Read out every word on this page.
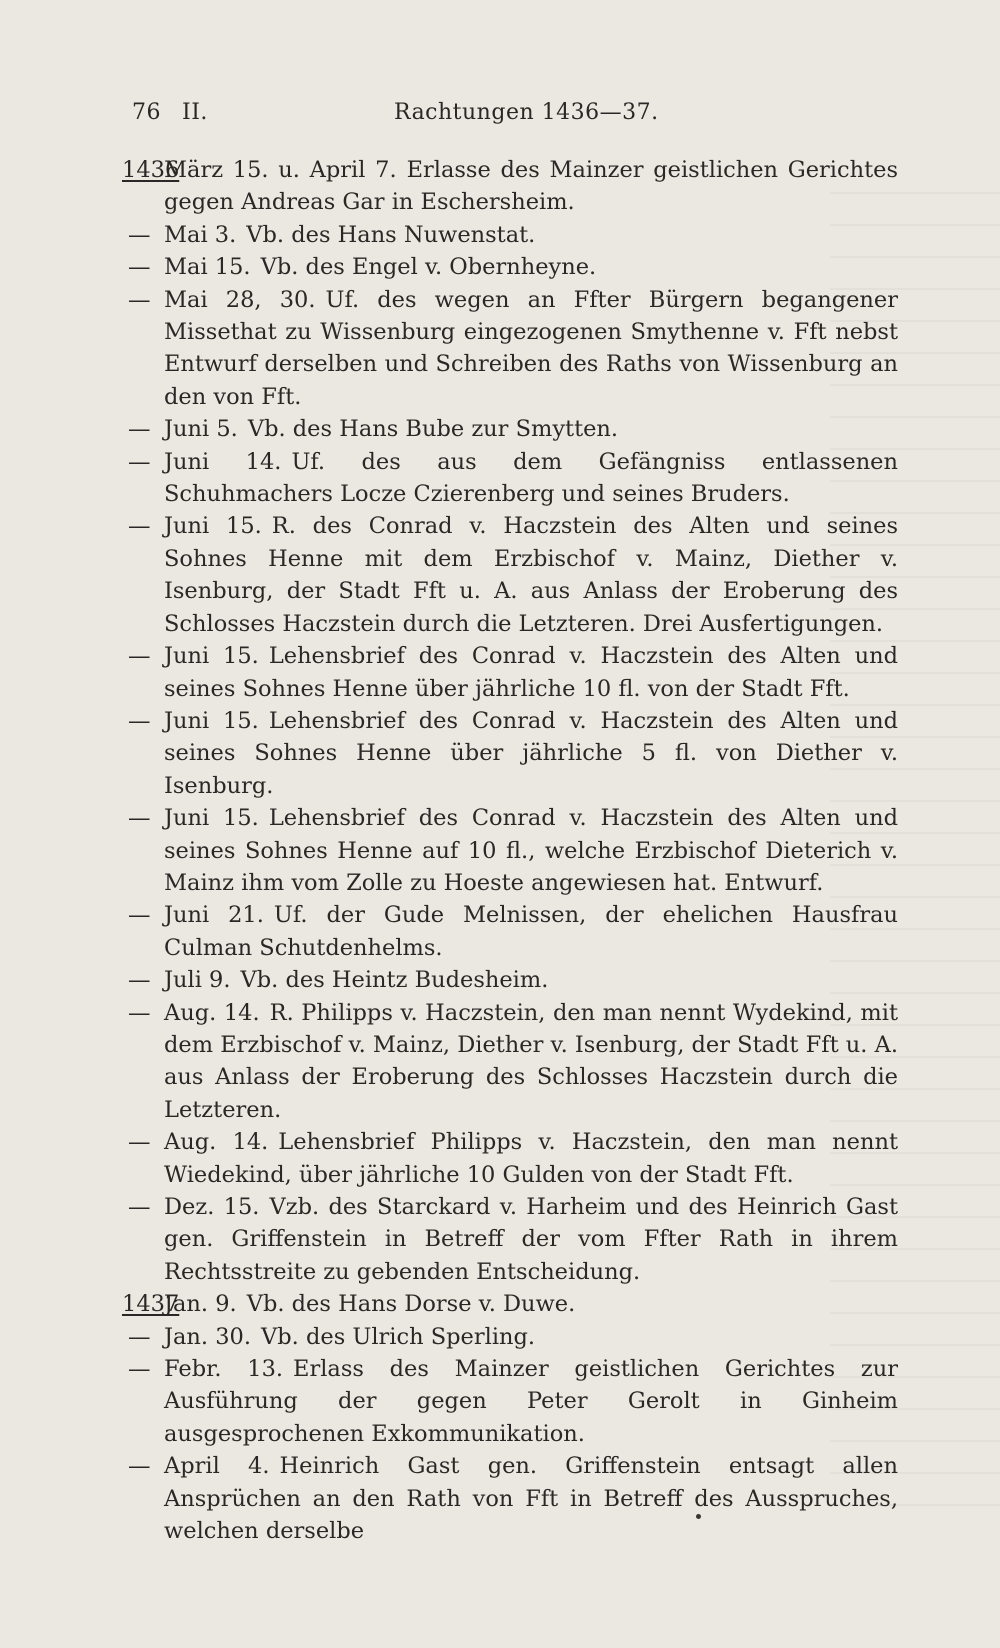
76 II.	Rachtungen 1436—37.
1436
März 15. u. April 7. Erlasse des Mainzer geistlichen Gerichtes gegen Andreas Gar in Eschersheim.
— Mai 3. Vb. des Hans Nuwenstat.
— Mai 15. Vb. des Engel v. Obernheyne.
— Mai 28, 30. Uf. des wegen an Ffter Bürgern begangener Missethat zu Wissenburg eingezogenen Smythenne v. Fft nebst Entwurf derselben und Schreiben des Raths von Wissenburg an den von Fft.
— Juni 5. Vb. des Hans Bube zur Smytten.
— Juni 14. Uf. des aus dem Gefängniss entlassenen Schuhmachers Locze Czierenberg und seines Bruders.
— Juni 15. R. des Conrad v. Haczstein des Alten und seines Sohnes Henne mit dem Erzbischof v. Mainz, Diether v. Isenburg, der Stadt Fft u. A. aus Anlass der Eroberung des Schlosses Haczstein durch die Letzteren. Drei Ausfertigungen.
— Juni 15. Lehensbrief des Conrad v. Haczstein des Alten und seines Sohnes Henne über jährliche 10 fl. von der Stadt Fft.
— Juni 15. Lehensbrief des Conrad v. Haczstein des Alten und seines Sohnes Henne über jährliche 5 fl. von Diether v. Isenburg.
— Juni 15. Lehensbrief des Conrad v. Haczstein des Alten und seines Sohnes Henne auf 10 fl., welche Erzbischof Dieterich v. Mainz ihm vom Zolle zu Hoeste angewiesen hat. Entwurf.
— Juni 21. Uf. der Gude Melnissen, der ehelichen Hausfrau Culman Schutdenhelms.
— Juli 9. Vb. des Heintz Budesheim.
— Aug. 14. R. Philipps v. Haczstein, den man nennt Wydekind, mit dem Erzbischof v. Mainz, Diether v. Isenburg, der Stadt Fft u. A. aus Anlass der Eroberung des Schlosses Haczstein durch die Letzteren.
— Aug. 14. Lehensbrief Philipps v. Haczstein, den man nennt Wiedekind, über jährliche 10 Gulden von der Stadt Fft.
— Dez. 15. Vzb. des Starckard v. Harheim und des Heinrich Gast gen. Griffenstein in Betreff der vom Ffter Rath in ihrem Rechtsstreite zu gebenden Entscheidung.
1437
Jan. 9. Vb. des Hans Dorse v. Duwe.
— Jan. 30. Vb. des Ulrich Sperling.
— Febr. 13. Erlass des Mainzer geistlichen Gerichtes zur Ausführung der gegen Peter Gerolt in Ginheim ausgesprochenen Exkommunikation.
— April 4. Heinrich Gast gen. Griffenstein entsagt allen Ansprüchen an den Rath von Fft in Betreff des Ausspruches, welchen derselbe
